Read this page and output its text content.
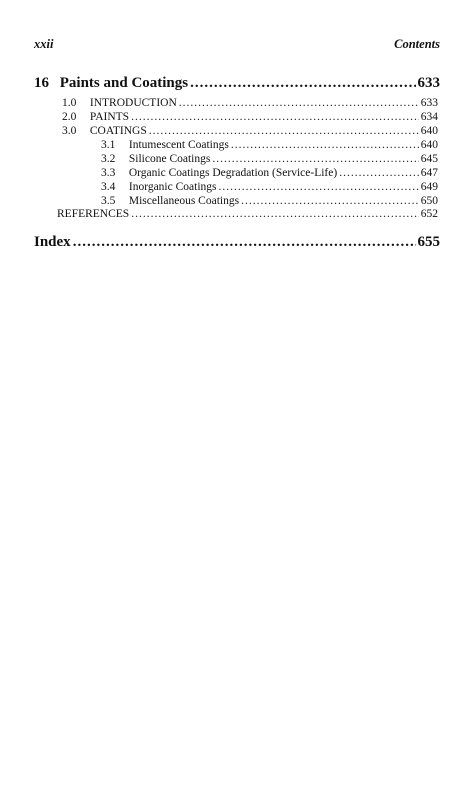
xxii	Contents
16 Paints and Coatings .....	633
1.0 INTRODUCTION .....	633
2.0 PAINTS .....	634
3.0 COATINGS .....	640
3.1 Intumescent Coatings .....	640
3.2 Silicone Coatings .....	645
3.3 Organic Coatings Degradation (Service-Life) .....	647
3.4 Inorganic Coatings .....	649
3.5 Miscellaneous Coatings .....	650
REFERENCES .....	652
Index .....	655
